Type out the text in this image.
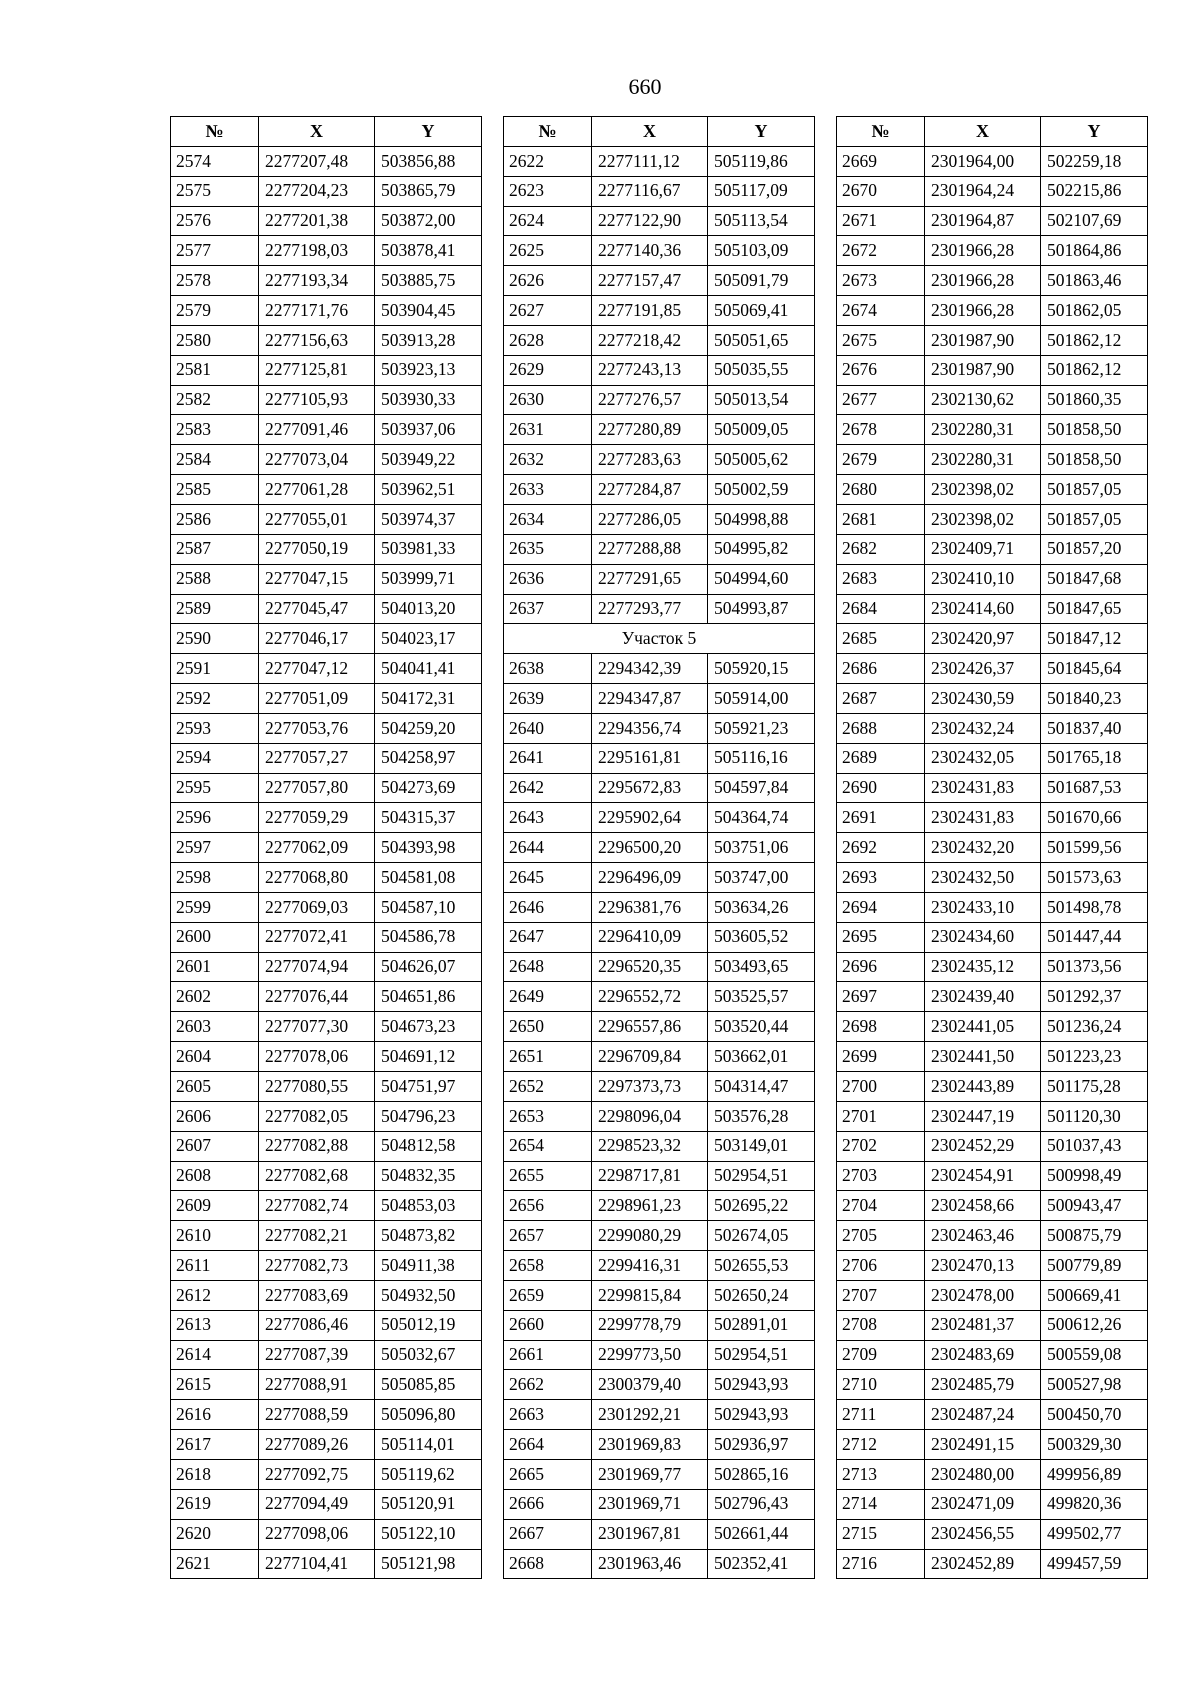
660
№	X	Y
2574	2277207,48	503856,88
2575	2277204,23	503865,79
2576	2277201,38	503872,00
2577	2277198,03	503878,41
2578	2277193,34	503885,75
2579	2277171,76	503904,45
2580	2277156,63	503913,28
2581	2277125,81	503923,13
2582	2277105,93	503930,33
2583	2277091,46	503937,06
2584	2277073,04	503949,22
2585	2277061,28	503962,51
2586	2277055,01	503974,37
2587	2277050,19	503981,33
2588	2277047,15	503999,71
2589	2277045,47	504013,20
2590	2277046,17	504023,17
2591	2277047,12	504041,41
2592	2277051,09	504172,31
2593	2277053,76	504259,20
2594	2277057,27	504258,97
2595	2277057,80	504273,69
2596	2277059,29	504315,37
2597	2277062,09	504393,98
2598	2277068,80	504581,08
2599	2277069,03	504587,10
2600	2277072,41	504586,78
2601	2277074,94	504626,07
2602	2277076,44	504651,86
2603	2277077,30	504673,23
2604	2277078,06	504691,12
2605	2277080,55	504751,97
2606	2277082,05	504796,23
2607	2277082,88	504812,58
2608	2277082,68	504832,35
2609	2277082,74	504853,03
2610	2277082,21	504873,82
2611	2277082,73	504911,38
2612	2277083,69	504932,50
2613	2277086,46	505012,19
2614	2277087,39	505032,67
2615	2277088,91	505085,85
2616	2277088,59	505096,80
2617	2277089,26	505114,01
2618	2277092,75	505119,62
2619	2277094,49	505120,91
2620	2277098,06	505122,10
2621	2277104,41	505121,98
№	X	Y
2622	2277111,12	505119,86
2623	2277116,67	505117,09
2624	2277122,90	505113,54
2625	2277140,36	505103,09
2626	2277157,47	505091,79
2627	2277191,85	505069,41
2628	2277218,42	505051,65
2629	2277243,13	505035,55
2630	2277276,57	505013,54
2631	2277280,89	505009,05
2632	2277283,63	505005,62
2633	2277284,87	505002,59
2634	2277286,05	504998,88
2635	2277288,88	504995,82
2636	2277291,65	504994,60
2637	2277293,77	504993,87
Участок 5		
2638	2294342,39	505920,15
2639	2294347,87	505914,00
2640	2294356,74	505921,23
2641	2295161,81	505116,16
2642	2295672,83	504597,84
2643	2295902,64	504364,74
2644	2296500,20	503751,06
2645	2296496,09	503747,00
2646	2296381,76	503634,26
2647	2296410,09	503605,52
2648	2296520,35	503493,65
2649	2296552,72	503525,57
2650	2296557,86	503520,44
2651	2296709,84	503662,01
2652	2297373,73	504314,47
2653	2298096,04	503576,28
2654	2298523,32	503149,01
2655	2298717,81	502954,51
2656	2298961,23	502695,22
2657	2299080,29	502674,05
2658	2299416,31	502655,53
2659	2299815,84	502650,24
2660	2299778,79	502891,01
2661	2299773,50	502954,51
2662	2300379,40	502943,93
2663	2301292,21	502943,93
2664	2301969,83	502936,97
2665	2301969,77	502865,16
2666	2301969,71	502796,43
2667	2301967,81	502661,44
2668	2301963,46	502352,41
№	X	Y
2669	2301964,00	502259,18
2670	2301964,24	502215,86
2671	2301964,87	502107,69
2672	2301966,28	501864,86
2673	2301966,28	501863,46
2674	2301966,28	501862,05
2675	2301987,90	501862,12
2676	2301987,90	501862,12
2677	2302130,62	501860,35
2678	2302280,31	501858,50
2679	2302280,31	501858,50
2680	2302398,02	501857,05
2681	2302398,02	501857,05
2682	2302409,71	501857,20
2683	2302410,10	501847,68
2684	2302414,60	501847,65
2685	2302420,97	501847,12
2686	2302426,37	501845,64
2687	2302430,59	501840,23
2688	2302432,24	501837,40
2689	2302432,05	501765,18
2690	2302431,83	501687,53
2691	2302431,83	501670,66
2692	2302432,20	501599,56
2693	2302432,50	501573,63
2694	2302433,10	501498,78
2695	2302434,60	501447,44
2696	2302435,12	501373,56
2697	2302439,40	501292,37
2698	2302441,05	501236,24
2699	2302441,50	501223,23
2700	2302443,89	501175,28
2701	2302447,19	501120,30
2702	2302452,29	501037,43
2703	2302454,91	500998,49
2704	2302458,66	500943,47
2705	2302463,46	500875,79
2706	2302470,13	500779,89
2707	2302478,00	500669,41
2708	2302481,37	500612,26
2709	2302483,69	500559,08
2710	2302485,79	500527,98
2711	2302487,24	500450,70
2712	2302491,15	500329,30
2713	2302480,00	499956,89
2714	2302471,09	499820,36
2715	2302456,55	499502,77
2716	2302452,89	499457,59
